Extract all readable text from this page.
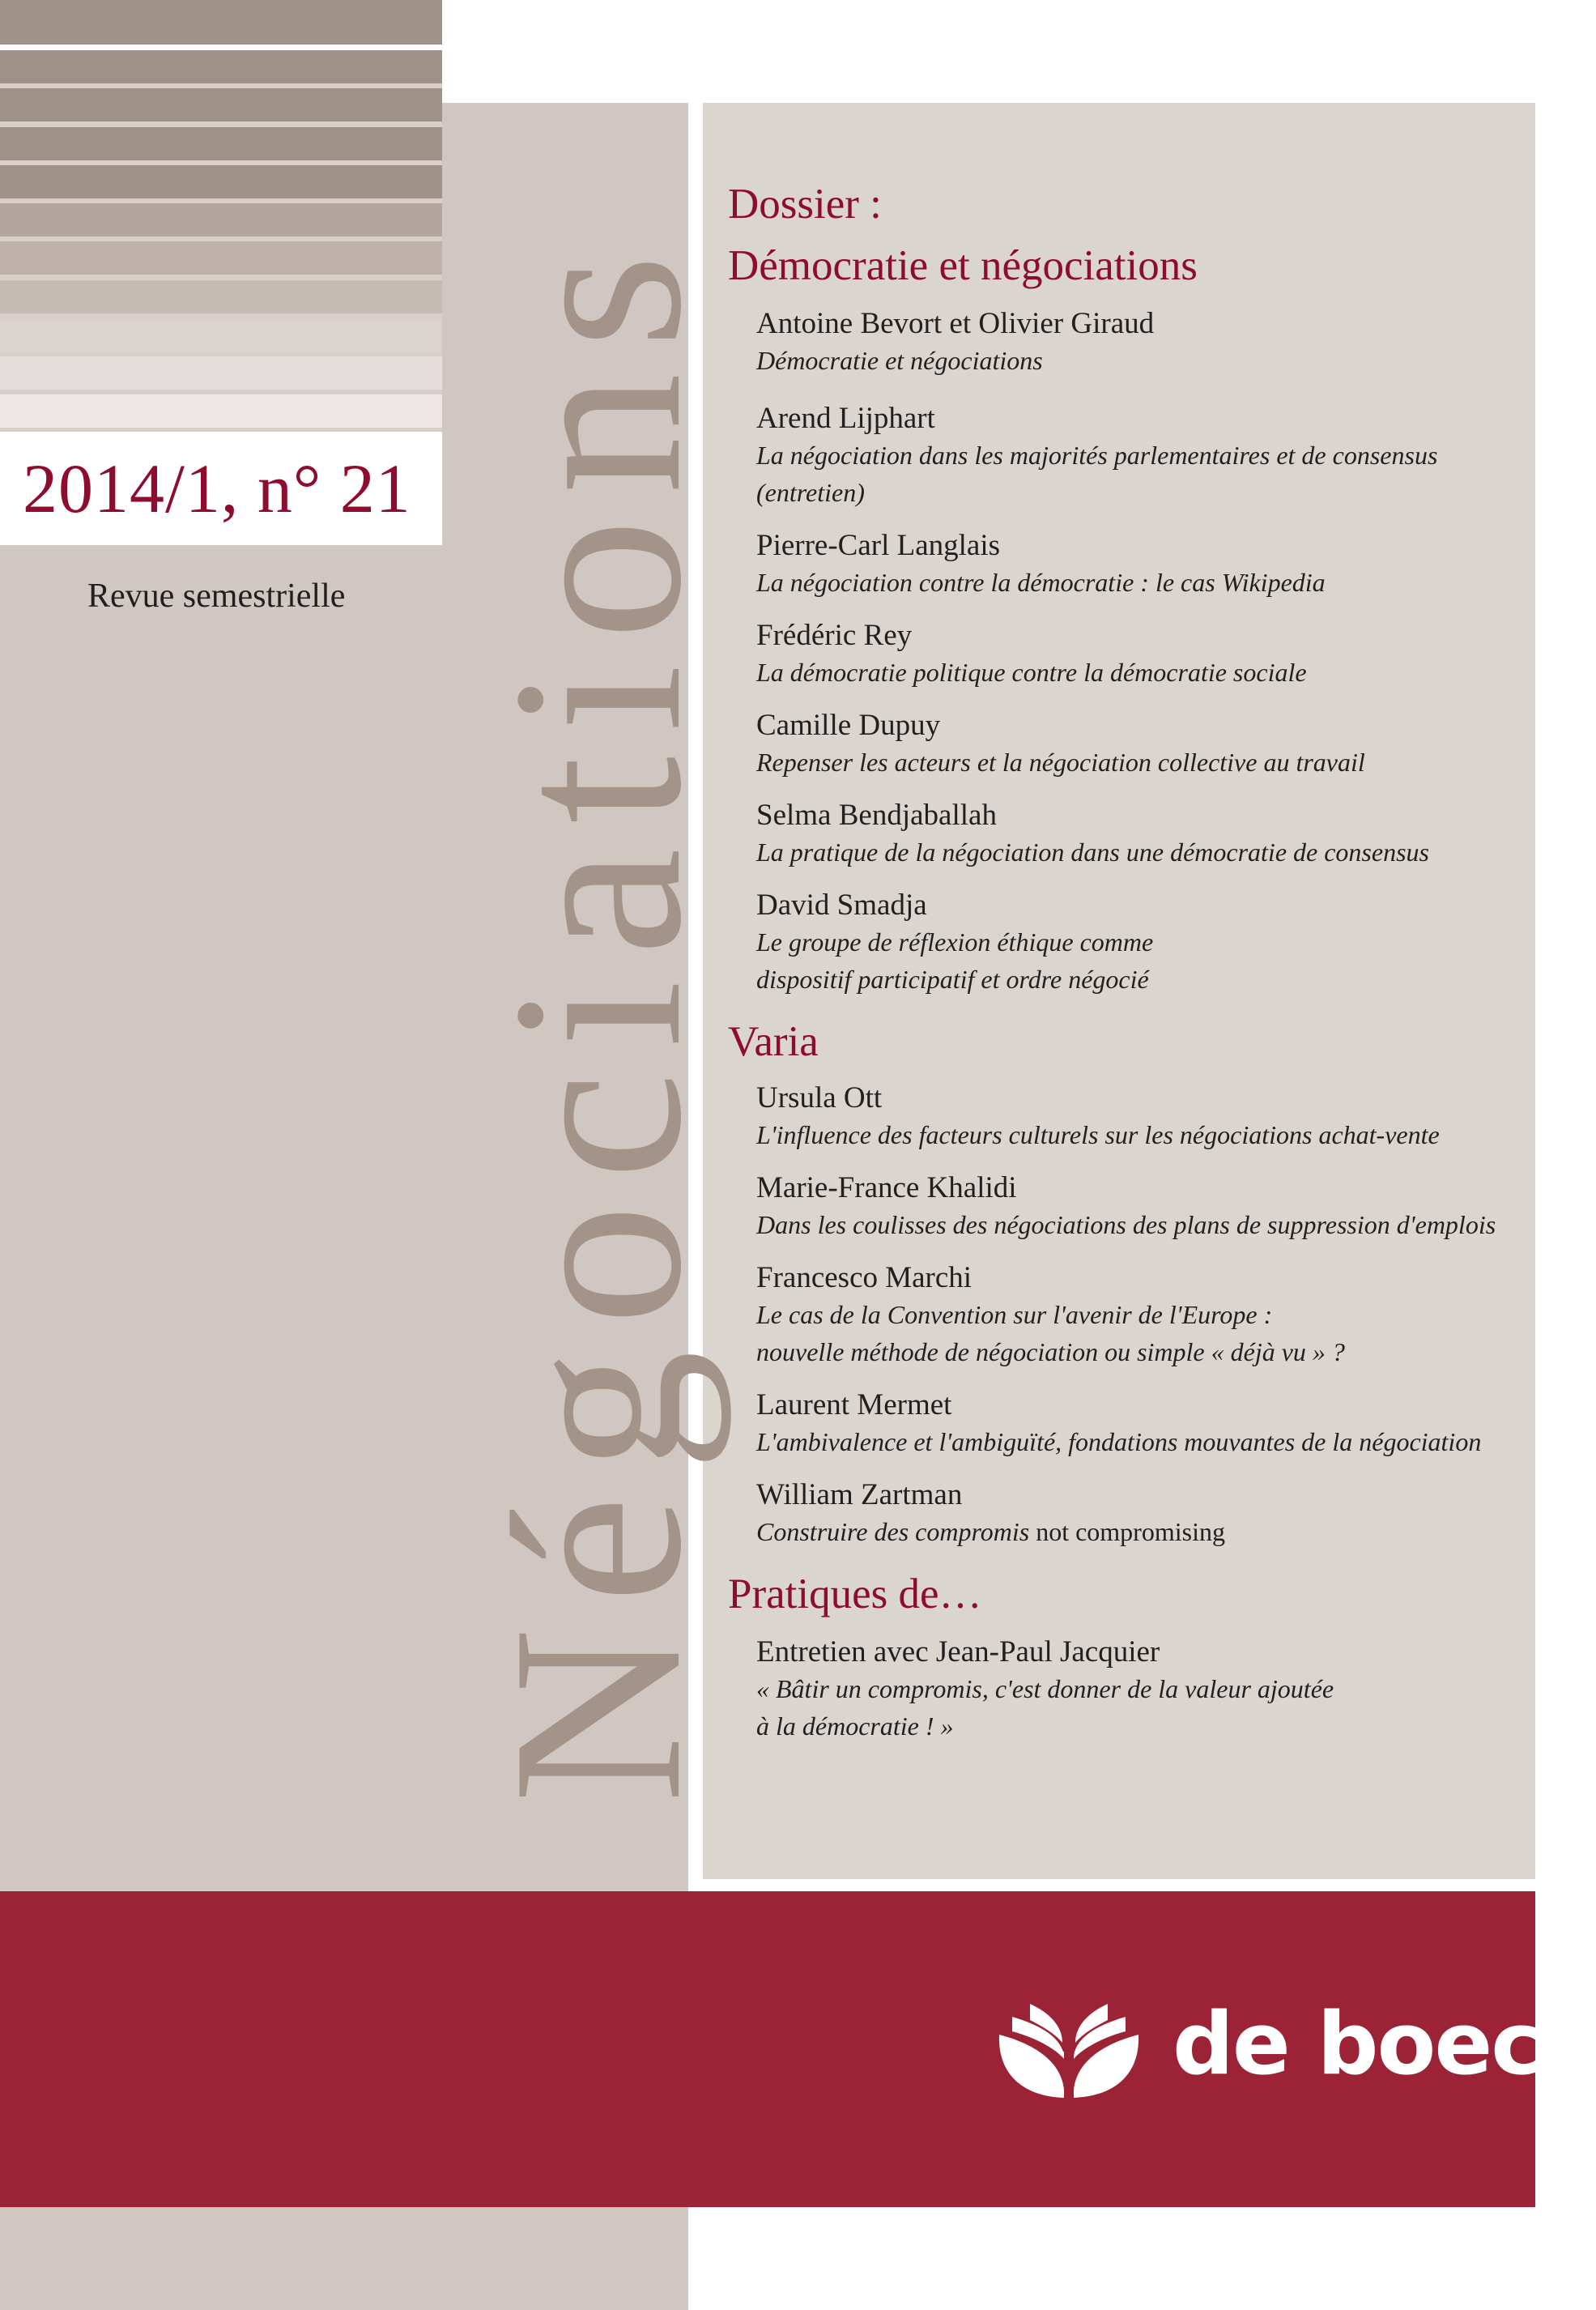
2014/1, n° 21
Revue semestrielle Négociations
Dossier :
Démocratie et négociations
Antoine Bevort et Olivier Giraud
Démocratie et négociations
Arend Lijphart
La négociation dans les majorités parlementaires et de consensus (entretien)
Pierre-Carl Langlais
La négociation contre la démocratie : le cas Wikipedia
Frédéric Rey
La démocratie politique contre la démocratie sociale
Camille Dupuy
Repenser les acteurs et la négociation collective au travail
Selma Bendjaballah
La pratique de la négociation dans une démocratie de consensus
David Smadja
Le groupe de réflexion éthique comme
dispositif participatif et ordre négocié
Varia
Ursula Ott
L'influence des facteurs culturels sur les négociations achat-vente
Marie-France Khalidi
Dans les coulisses des négociations des plans de suppression d'emplois
Francesco Marchi
Le cas de la Convention sur l'avenir de l'Europe :
nouvelle méthode de négociation ou simple « déjà vu » ?
Laurent Mermet
L'ambivalence et l'ambiguïté, fondations mouvantes de la négociation
William Zartman
Construire des compromis not compromising
Pratiques de…
Entretien avec Jean-Paul Jacquier
« Bâtir un compromis, c'est donner de la valeur ajoutée
à la démocratie ! »
de boeck
